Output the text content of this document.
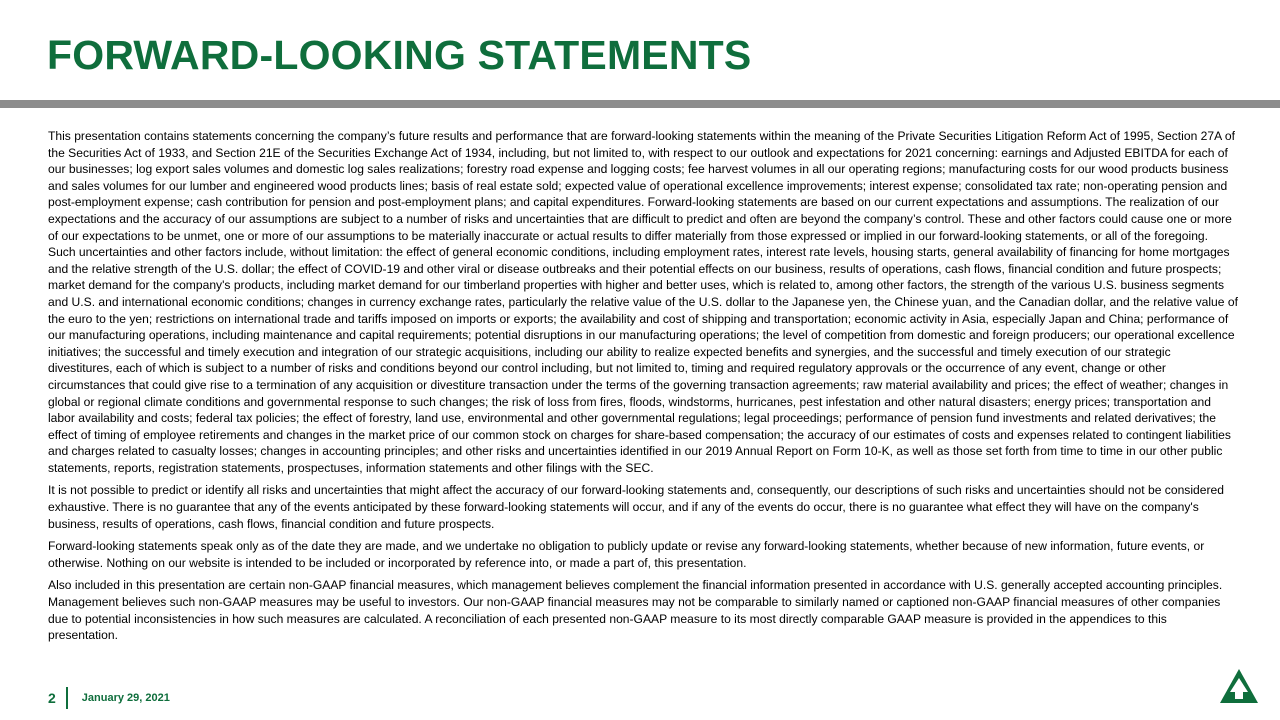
FORWARD-LOOKING STATEMENTS

This presentation contains statements concerning the company’s future results and performance that are forward-looking statements within the meaning of the Private Securities Litigation Reform Act of 1995, Section 27A of the Securities Act of 1933, and Section 21E of the Securities Exchange Act of 1934, including, but not limited to, with respect to our outlook and expectations for 2021 concerning: earnings and Adjusted EBITDA for each of our businesses; log export sales volumes and domestic log sales realizations; forestry road expense and logging costs; fee harvest volumes in all our operating regions; manufacturing costs for our wood products business and sales volumes for our lumber and engineered wood products lines; basis of real estate sold; expected value of operational excellence improvements; interest expense; consolidated tax rate; non-operating pension and post-employment expense; cash contribution for pension and post-employment plans; and capital expenditures. Forward-looking statements are based on our current expectations and assumptions. The realization of our expectations and the accuracy of our assumptions are subject to a number of risks and uncertainties that are difficult to predict and often are beyond the company’s control. These and other factors could cause one or more of our expectations to be unmet, one or more of our assumptions to be materially inaccurate or actual results to differ materially from those expressed or implied in our forward-looking statements, or all of the foregoing. Such uncertainties and other factors include, without limitation: the effect of general economic conditions, including employment rates, interest rate levels, housing starts, general availability of financing for home mortgages and the relative strength of the U.S. dollar; the effect of COVID-19 and other viral or disease outbreaks and their potential effects on our business, results of operations, cash flows, financial condition and future prospects; market demand for the company's products, including market demand for our timberland properties with higher and better uses, which is related to, among other factors, the strength of the various U.S. business segments and U.S. and international economic conditions; changes in currency exchange rates, particularly the relative value of the U.S. dollar to the Japanese yen, the Chinese yuan, and the Canadian dollar, and the relative value of the euro to the yen; restrictions on international trade and tariffs imposed on imports or exports; the availability and cost of shipping and transportation; economic activity in Asia, especially Japan and China; performance of our manufacturing operations, including maintenance and capital requirements; potential disruptions in our manufacturing operations; the level of competition from domestic and foreign producers; our operational excellence initiatives; the successful and timely execution and integration of our strategic acquisitions, including our ability to realize expected benefits and synergies, and the successful and timely execution of our strategic divestitures, each of which is subject to a number of risks and conditions beyond our control including, but not limited to, timing and required regulatory approvals or the occurrence of any event, change or other circumstances that could give rise to a termination of any acquisition or divestiture transaction under the terms of the governing transaction agreements; raw material availability and prices; the effect of weather; changes in global or regional climate conditions and governmental response to such changes; the risk of loss from fires, floods, windstorms, hurricanes, pest infestation and other natural disasters; energy prices; transportation and labor availability and costs; federal tax policies; the effect of forestry, land use, environmental and other governmental regulations; legal proceedings; performance of pension fund investments and related derivatives; the effect of timing of employee retirements and changes in the market price of our common stock on charges for share-based compensation; the accuracy of our estimates of costs and expenses related to contingent liabilities and charges related to casualty losses; changes in accounting principles; and other risks and uncertainties identified in our 2019 Annual Report on Form 10-K, as well as those set forth from time to time in our other public statements, reports, registration statements, prospectuses, information statements and other filings with the SEC.

It is not possible to predict or identify all risks and uncertainties that might affect the accuracy of our forward-looking statements and, consequently, our descriptions of such risks and uncertainties should not be considered exhaustive. There is no guarantee that any of the events anticipated by these forward-looking statements will occur, and if any of the events do occur, there is no guarantee what effect they will have on the company's business, results of operations, cash flows, financial condition and future prospects.

Forward-looking statements speak only as of the date they are made, and we undertake no obligation to publicly update or revise any forward-looking statements, whether because of new information, future events, or otherwise. Nothing on our website is intended to be included or incorporated by reference into, or made a part of, this presentation.

Also included in this presentation are certain non-GAAP financial measures, which management believes complement the financial information presented in accordance with U.S. generally accepted accounting principles. Management believes such non-GAAP measures may be useful to investors. Our non-GAAP financial measures may not be comparable to similarly named or captioned non-GAAP financial measures of other companies due to potential inconsistencies in how such measures are calculated. A reconciliation of each presented non-GAAP measure to its most directly comparable GAAP measure is provided in the appendices to this presentation.

2 January 29, 2021
